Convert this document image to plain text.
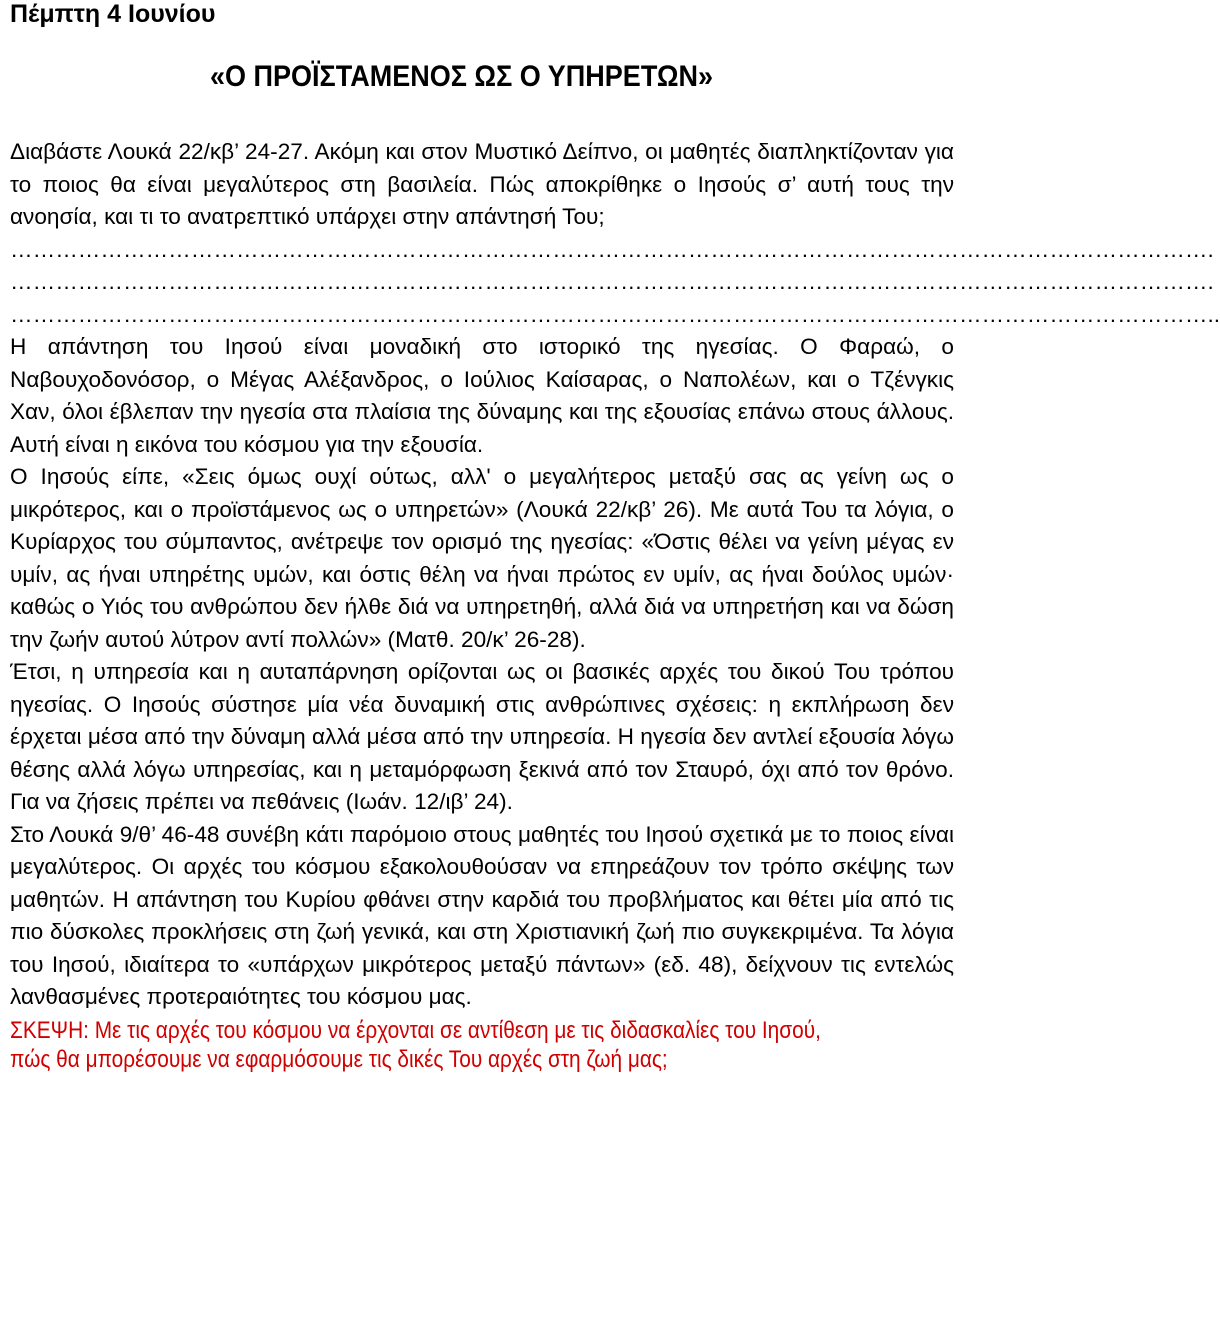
Πέμπτη 4 Ιουνίου
«Ο ΠΡΟΪΣΤΑΜΕΝΟΣ ΩΣ Ο ΥΠΗΡΕΤΩΝ»

Διαβάστε Λουκά 22/κβ’ 24-27. Ακόμη και στον Μυστικό Δείπνο, οι μαθητές διαπληκτίζονταν για το ποιος θα είναι μεγαλύτερος στη βασιλεία. Πώς αποκρίθηκε ο Ιησούς σ’ αυτή τους την ανοησία, και τι το ανατρεπτικό υπάρχει στην απάντησή Του;

…………………………………………………………………………………………………………………………………………….
…………………………………………………………………………………………………………………………………………….
……………………………………………………………………………………………………………………………………………..

Η απάντηση του Ιησού είναι μοναδική στο ιστορικό της ηγεσίας. Ο Φαραώ, ο Ναβουχοδονόσορ, ο Μέγας Αλέξανδρος, ο Ιούλιος Καίσαρας, ο Ναπολέων, και ο Τζένγκις Χαν, όλοι έβλεπαν την ηγεσία στα πλαίσια της δύναμης και της εξουσίας επάνω στους άλλους. Αυτή είναι η εικόνα του κόσμου για την εξουσία.

Ο Ιησούς είπε, «Σεις όμως ουχί ούτως, αλλ' ο μεγαλήτερος μεταξύ σας ας γείνη ως ο μικρότερος, και ο προϊστάμενος ως ο υπηρετών» (Λουκά 22/κβ’ 26). Με αυτά Του τα λόγια, ο Κυρίαρχος του σύμπαντος, ανέτρεψε τον ορισμό της ηγεσίας: «Όστις θέλει να γείνη μέγας εν υμίν, ας ήναι υπηρέτης υμών, και όστις θέλη να ήναι πρώτος εν υμίν, ας ήναι δούλος υμών· καθώς ο Υιός του ανθρώπου δεν ήλθε διά να υπηρετηθή, αλλά διά να υπηρετήση και να δώση την ζωήν αυτού λύτρον αντί πολλών» (Ματθ. 20/κ’ 26-28).

Έτσι, η υπηρεσία και η αυταπάρνηση ορίζονται ως οι βασικές αρχές του δικού Του τρόπου ηγεσίας. Ο Ιησούς σύστησε μία νέα δυναμική στις ανθρώπινες σχέσεις: η εκπλήρωση δεν έρχεται μέσα από την δύναμη αλλά μέσα από την υπηρεσία. Η ηγεσία δεν αντλεί εξουσία λόγω θέσης αλλά λόγω υπηρεσίας, και η μεταμόρφωση ξεκινά από τον Σταυρό, όχι από τον θρόνο. Για να ζήσεις πρέπει να πεθάνεις (Ιωάν. 12/ιβ’ 24).

Στο Λουκά 9/θ’ 46-48 συνέβη κάτι παρόμοιο στους μαθητές του Ιησού σχετικά με το ποιος είναι μεγαλύτερος. Οι αρχές του κόσμου εξακολουθούσαν να επηρεάζουν τον τρόπο σκέψης των μαθητών. Η απάντηση του Κυρίου φθάνει στην καρδιά του προβλήματος και θέτει μία από τις πιο δύσκολες προκλήσεις στη ζωή γενικά, και στη Χριστιανική ζωή πιο συγκεκριμένα. Τα λόγια του Ιησού, ιδιαίτερα το «υπάρχων μικρότερος μεταξύ πάντων» (εδ. 48), δείχνουν τις εντελώς λανθασμένες προτεραιότητες του κόσμου μας.

ΣΚΕΨΗ: Με τις αρχές του κόσμου να έρχονται σε αντίθεση με τις διδασκαλίες του Ιησού,
πώς θα μπορέσουμε να εφαρμόσουμε τις δικές Του αρχές στη ζωή μας;
